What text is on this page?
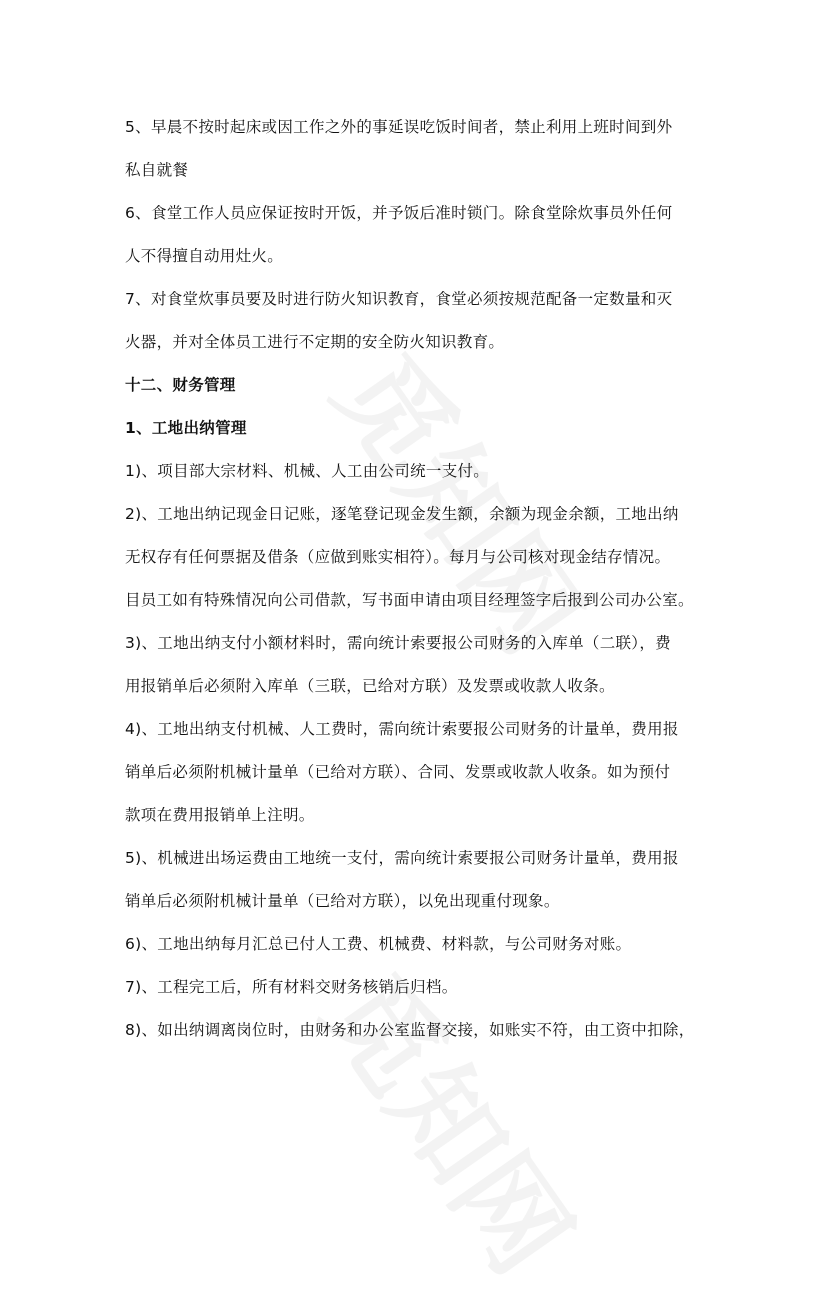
5、早晨不按时起床或因工作之外的事延误吃饭时间者，禁止利用上班时间到外
私自就餐
6、食堂工作人员应保证按时开饭，并予饭后准时锁门。除食堂除炊事员外任何
人不得擅自动用灶火。
7、对食堂炊事员要及时进行防火知识教育，食堂必须按规范配备一定数量和灭
火器，并对全体员工进行不定期的安全防火知识教育。
十二、财务管理
1、工地出纳管理
1)、项目部大宗材料、机械、人工由公司统一支付。
2)、工地出纳记现金日记账，逐笔登记现金发生额，余额为现金余额，工地出纳
无权存有任何票据及借条（应做到账实相符）。每月与公司核对现金结存情况。
目员工如有特殊情况向公司借款，写书面申请由项目经理签字后报到公司办公室。
3)、工地出纳支付小额材料时，需向统计索要报公司财务的入库单（二联），费
用报销单后必须附入库单（三联，已给对方联）及发票或收款人收条。
4)、工地出纳支付机械、人工费时，需向统计索要报公司财务的计量单，费用报
销单后必须附机械计量单（已给对方联）、合同、发票或收款人收条。如为预付
款项在费用报销单上注明。
5)、机械进出场运费由工地统一支付，需向统计索要报公司财务计量单，费用报
销单后必须附机械计量单（已给对方联），以免出现重付现象。
6)、工地出纳每月汇总已付人工费、机械费、材料款，与公司财务对账。
7)、工程完工后，所有材料交财务核销后归档。
8)、如出纳调离岗位时，由财务和办公室监督交接，如账实不符，由工资中扣除，
